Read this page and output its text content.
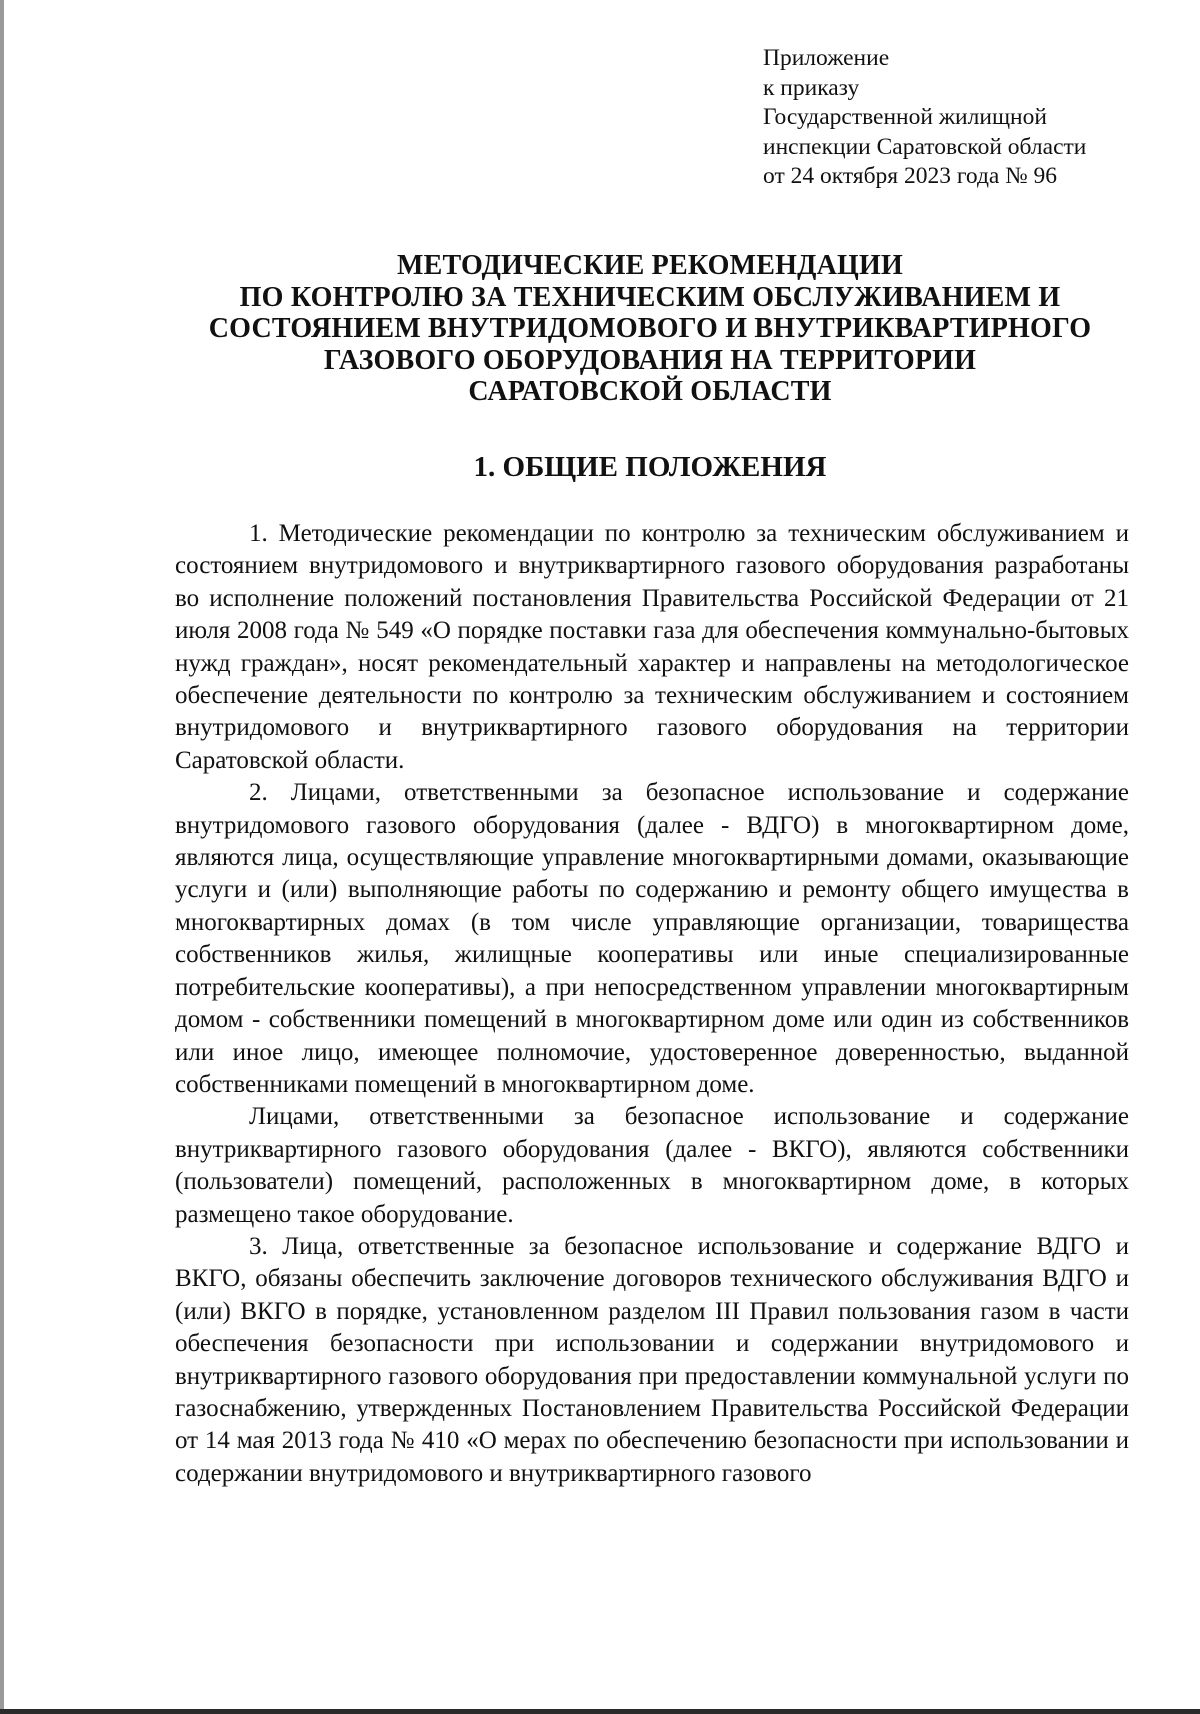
Приложение
к приказу
Государственной жилищной
инспекции Саратовской области
от 24 октября 2023 года № 96
МЕТОДИЧЕСКИЕ РЕКОМЕНДАЦИИ
ПО КОНТРОЛЮ ЗА ТЕХНИЧЕСКИМ ОБСЛУЖИВАНИЕМ И
СОСТОЯНИЕМ ВНУТРИДОМОВОГО И ВНУТРИКВАРТИРНОГО
ГАЗОВОГО ОБОРУДОВАНИЯ НА ТЕРРИТОРИИ
САРАТОВСКОЙ ОБЛАСТИ
1. ОБЩИЕ ПОЛОЖЕНИЯ

1. Методические рекомендации по контролю за техническим обслуживанием и состоянием внутридомового и внутриквартирного газового оборудования разработаны во исполнение положений постановления Правительства Российской Федерации от 21 июля 2008 года № 549 «О порядке поставки газа для обеспечения коммунально-бытовых нужд граждан», носят рекомендательный характер и направлены на методологическое обеспечение деятельности по контролю за техническим обслуживанием и состоянием внутридомового и внутриквартирного газового оборудования на территории Саратовской области.

2. Лицами, ответственными за безопасное использование и содержание внутридомового газового оборудования (далее - ВДГО) в многоквартирном доме, являются лица, осуществляющие управление многоквартирными домами, оказывающие услуги и (или) выполняющие работы по содержанию и ремонту общего имущества в многоквартирных домах (в том числе управляющие организации, товарищества собственников жилья, жилищные кооперативы или иные специализированные потребительские кооперативы), а при непосредственном управлении многоквартирным домом - собственники помещений в многоквартирном доме или один из собственников или иное лицо, имеющее полномочие, удостоверенное доверенностью, выданной собственниками помещений в многоквартирном доме.

Лицами, ответственными за безопасное использование и содержание внутриквартирного газового оборудования (далее - ВКГО), являются собственники (пользователи) помещений, расположенных в многоквартирном доме, в которых размещено такое оборудование.

3. Лица, ответственные за безопасное использование и содержание ВДГО и ВКГО, обязаны обеспечить заключение договоров технического обслуживания ВДГО и (или) ВКГО в порядке, установленном разделом III Правил пользования газом в части обеспечения безопасности при использовании и содержании внутридомового и внутриквартирного газового оборудования при предоставлении коммунальной услуги по газоснабжению, утвержденных Постановлением Правительства Российской Федерации от 14 мая 2013 года № 410 «О мерах по обеспечению безопасности при использовании и содержании внутридомового и внутриквартирного газового
